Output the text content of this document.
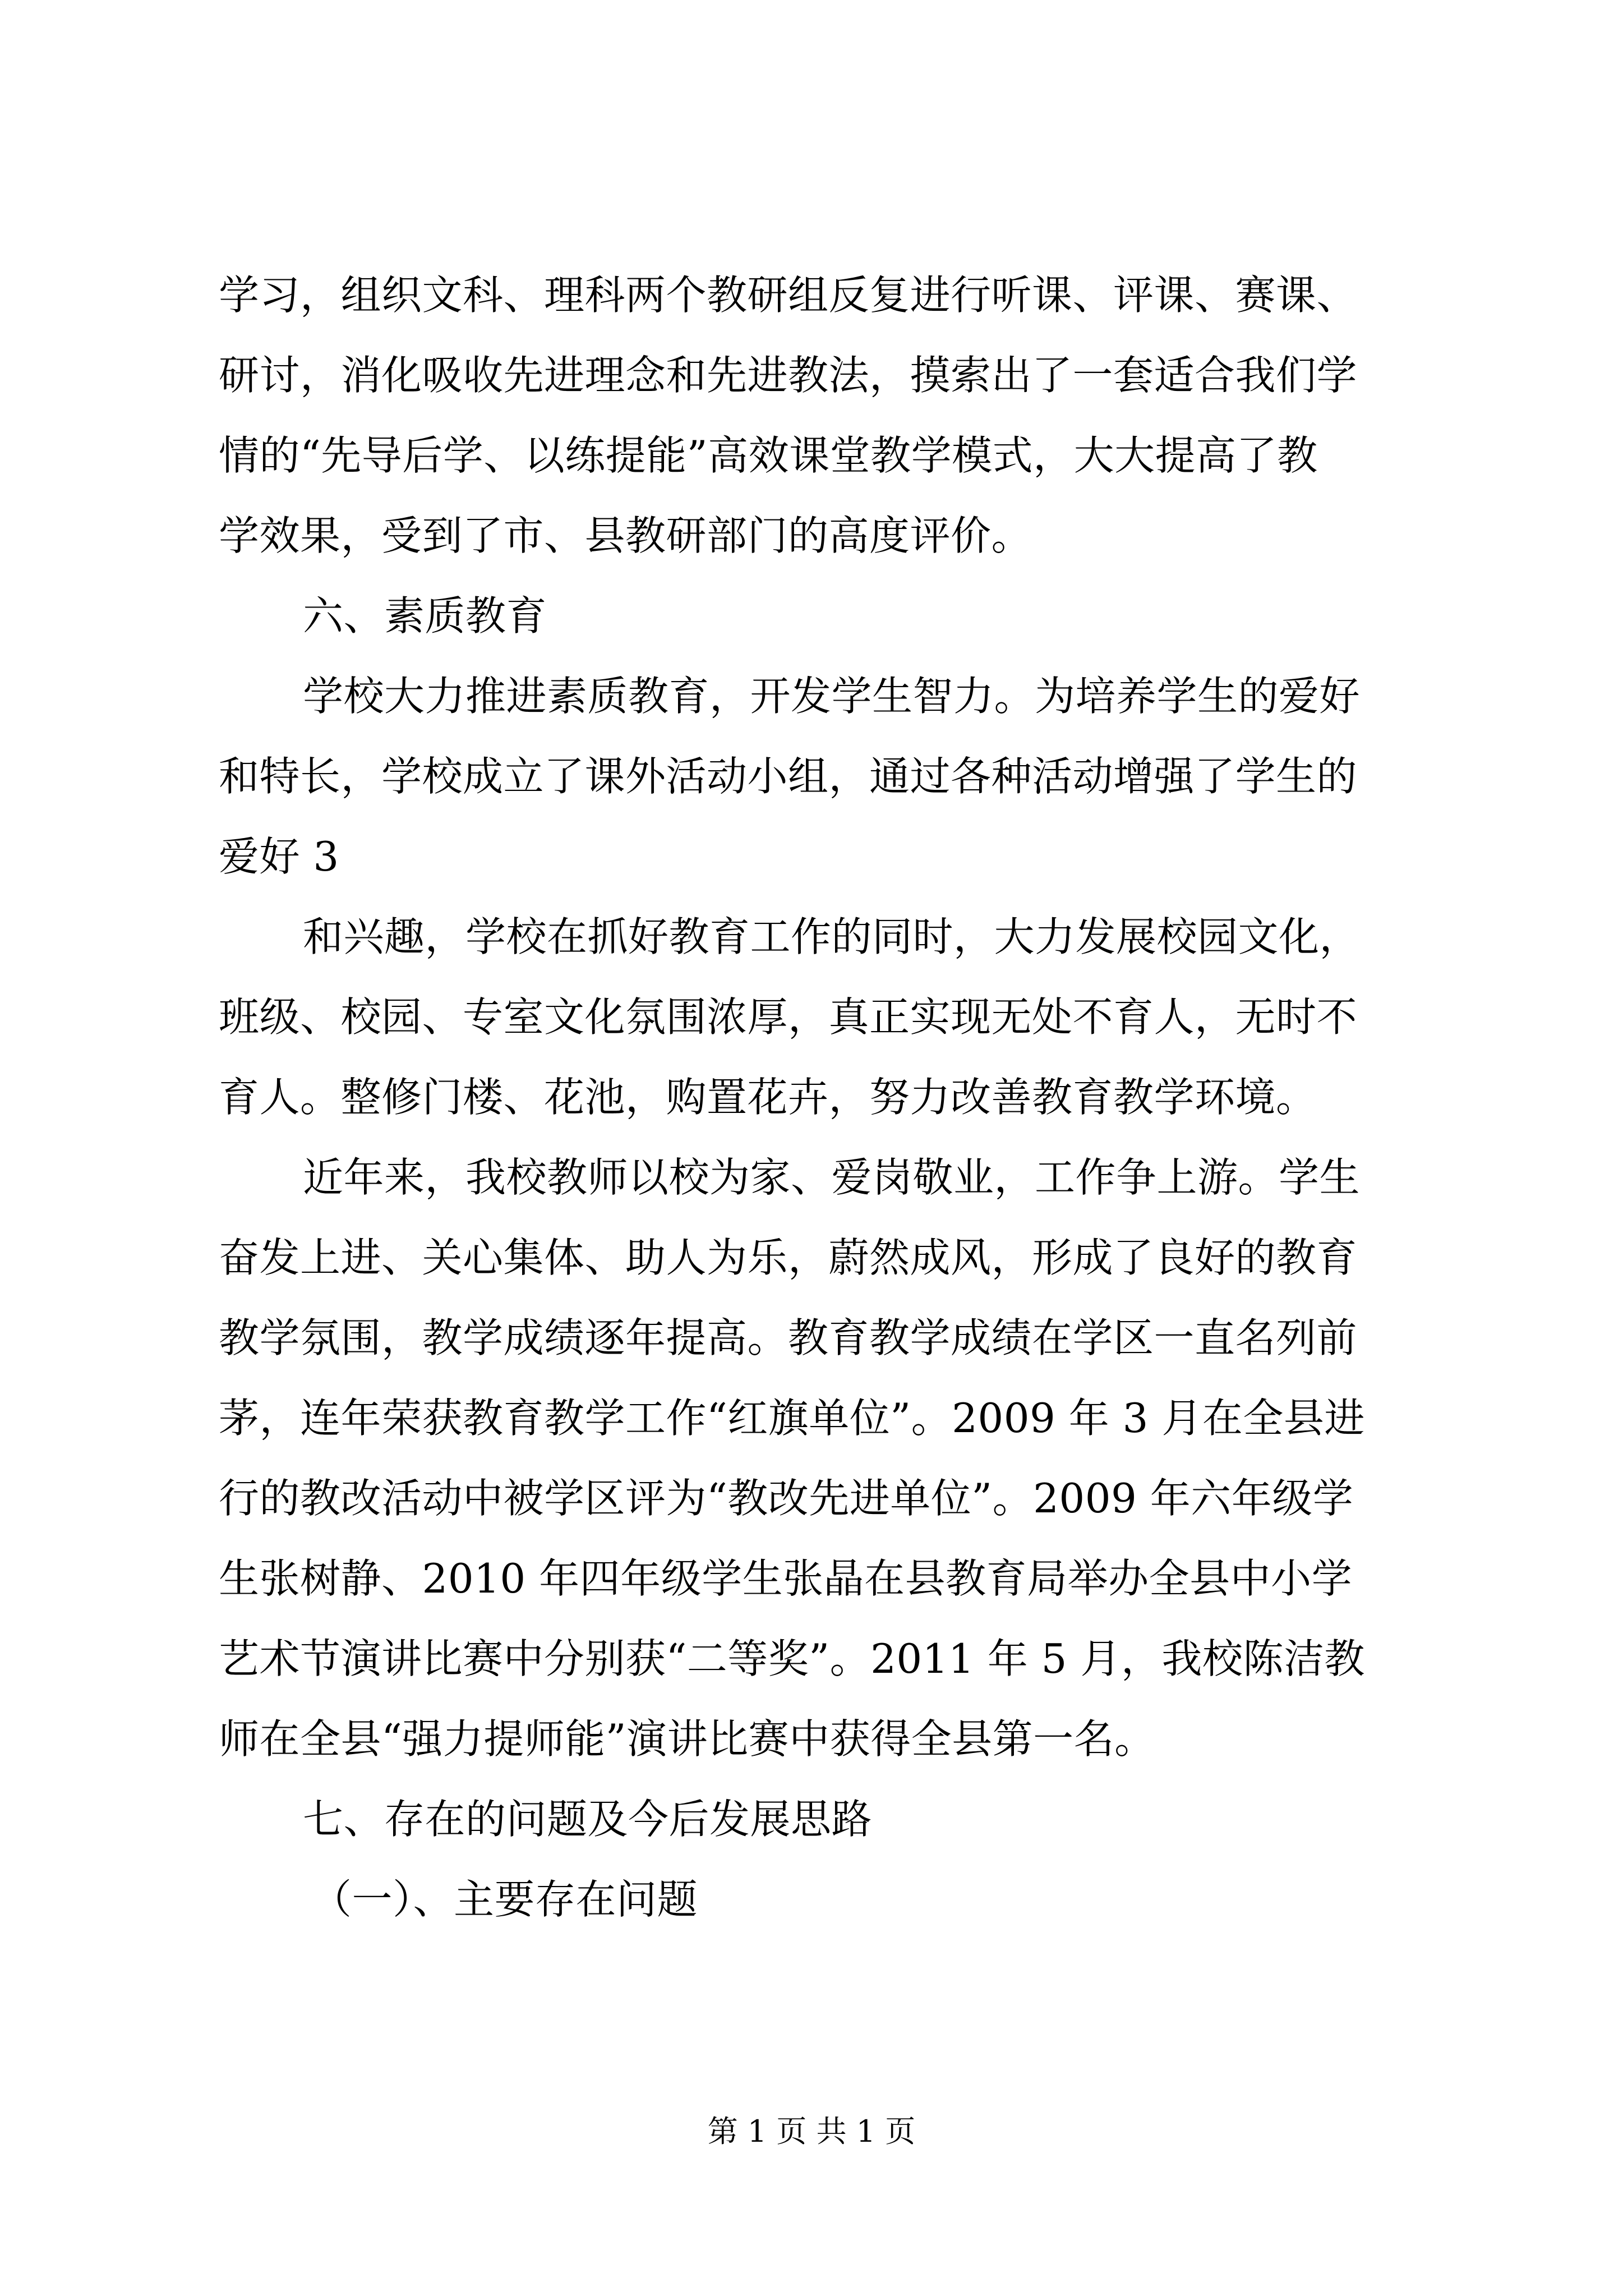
学习，组织文科、理科两个教研组反复进行听课、评课、赛课、
研讨，消化吸收先进理念和先进教法，摸索出了一套适合我们学
情的“先导后学、以练提能”高效课堂教学模式，大大提高了教
学效果，受到了市、县教研部门的高度评价。
六、素质教育
学校大力推进素质教育，开发学生智力。为培养学生的爱好
和特长，学校成立了课外活动小组，通过各种活动增强了学生的
爱好 3
和兴趣，学校在抓好教育工作的同时，大力发展校园文化，
班级、校园、专室文化氛围浓厚，真正实现无处不育人，无时不
育人。整修门楼、花池，购置花卉，努力改善教育教学环境。
近年来，我校教师以校为家、爱岗敬业，工作争上游。学生
奋发上进、关心集体、助人为乐，蔚然成风，形成了良好的教育
教学氛围，教学成绩逐年提高。教育教学成绩在学区一直名列前
茅，连年荣获教育教学工作“红旗单位”。2009 年 3 月在全县进
行的教改活动中被学区评为“教改先进单位”。2009 年六年级学
生张树静、2010 年四年级学生张晶在县教育局举办全县中小学
艺术节演讲比赛中分别获“二等奖”。2011 年 5 月，我校陈洁教
师在全县“强力提师能”演讲比赛中获得全县第一名。
七、存在的问题及今后发展思路
（一）、主要存在问题
第 1 页 共 1 页
